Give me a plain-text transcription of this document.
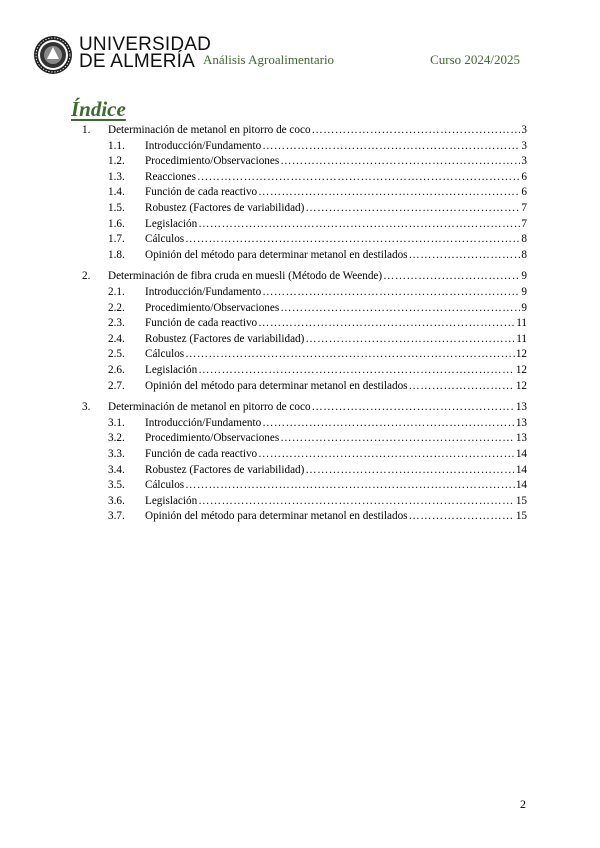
UNIVERSIDAD
DE ALMERÍA Análisis Agroalimentario	Curso 2024/2025
Índice
1.	Determinación de metanol en pitorro de coco ……………………………………………………………………………………………………………………………………………………………………………………………………………	3
1.1.	Introducción/Fundamento ……………………………………………………………………………………………………………………………………………………………………………………………………………	3
1.2.	Procedimiento/Observaciones ……………………………………………………………………………………………………………………………………………………………………………………………………………	3
1.3.	Reacciones ……………………………………………………………………………………………………………………………………………………………………………………………………………	6
1.4.	Función de cada reactivo ……………………………………………………………………………………………………………………………………………………………………………………………………………	6
1.5.	Robustez (Factores de variabilidad) ……………………………………………………………………………………………………………………………………………………………………………………………………………	7
1.6.	Legislación ……………………………………………………………………………………………………………………………………………………………………………………………………………	7
1.7.	Cálculos ……………………………………………………………………………………………………………………………………………………………………………………………………………	8
1.8.	Opinión del método para determinar metanol en destilados ……………………………………………………………………………………………………………………………………………………………………………………………………………	8
2.	Determinación de fibra cruda en muesli (Método de Weende) ……………………………………………………………………………………………………………………………………………………………………………………………………………	9
2.1.	Introducción/Fundamento ……………………………………………………………………………………………………………………………………………………………………………………………………………	9
2.2.	Procedimiento/Observaciones ……………………………………………………………………………………………………………………………………………………………………………………………………………	9
2.3.	Función de cada reactivo ……………………………………………………………………………………………………………………………………………………………………………………………………………	11
2.4.	Robustez (Factores de variabilidad) ……………………………………………………………………………………………………………………………………………………………………………………………………………	11
2.5.	Cálculos ……………………………………………………………………………………………………………………………………………………………………………………………………………	12
2.6.	Legislación ……………………………………………………………………………………………………………………………………………………………………………………………………………	12
2.7.	Opinión del método para determinar metanol en destilados ……………………………………………………………………………………………………………………………………………………………………………………………………………	12
3.	Determinación de metanol en pitorro de coco ……………………………………………………………………………………………………………………………………………………………………………………………………………	13
3.1.	Introducción/Fundamento ……………………………………………………………………………………………………………………………………………………………………………………………………………	13
3.2.	Procedimiento/Observaciones ……………………………………………………………………………………………………………………………………………………………………………………………………………	13
3.3.	Función de cada reactivo ……………………………………………………………………………………………………………………………………………………………………………………………………………	14
3.4.	Robustez (Factores de variabilidad) ……………………………………………………………………………………………………………………………………………………………………………………………………………	14
3.5.	Cálculos ……………………………………………………………………………………………………………………………………………………………………………………………………………	14
3.6.	Legislación ……………………………………………………………………………………………………………………………………………………………………………………………………………	15
3.7.	Opinión del método para determinar metanol en destilados ……………………………………………………………………………………………………………………………………………………………………………………………………………	15
2
